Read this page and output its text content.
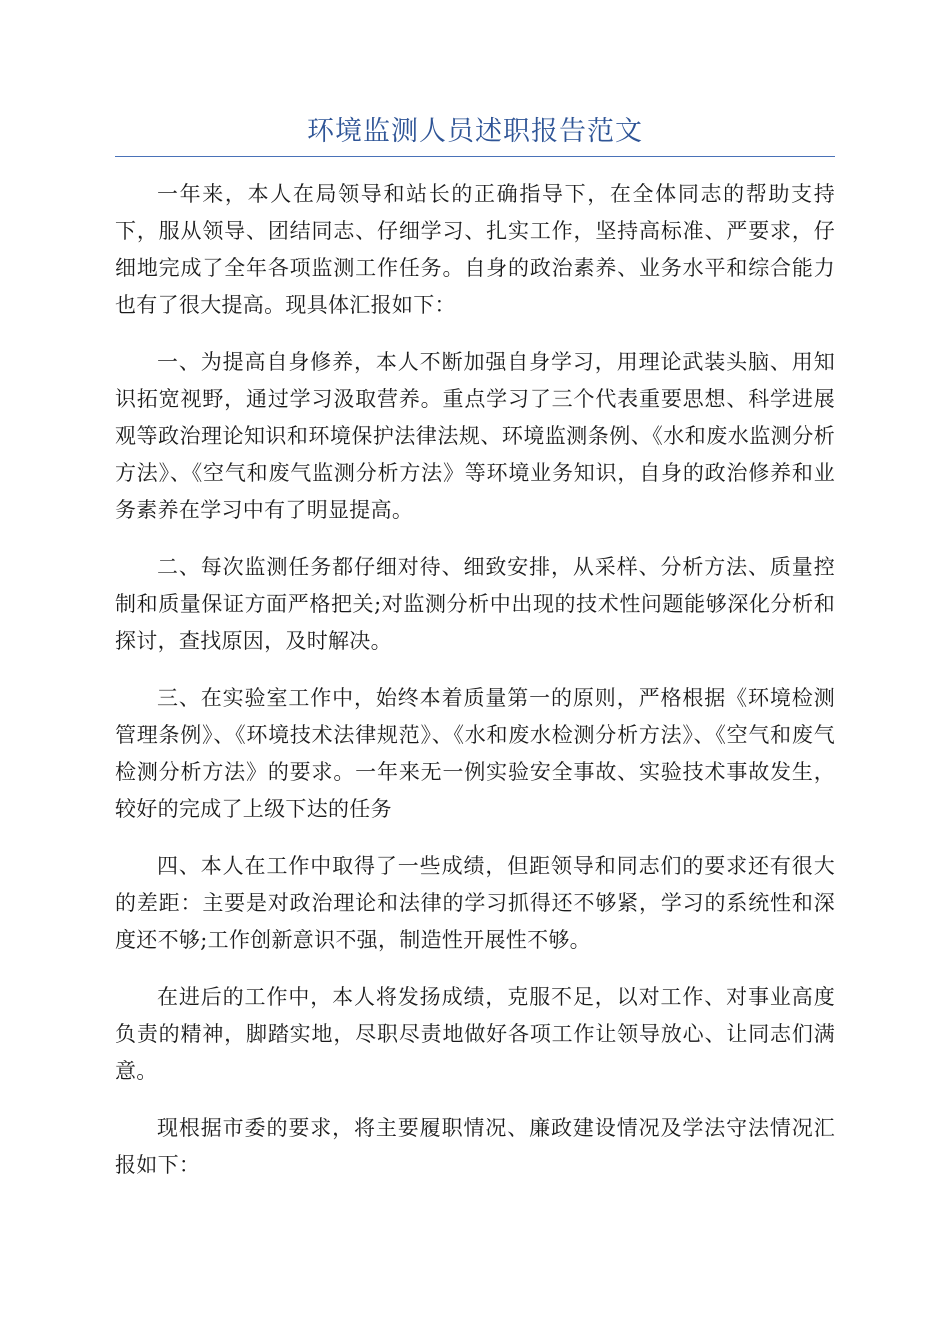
环境监测人员述职报告范文

一年来，本人在局领导和站长的正确指导下，在全体同志的帮助支持下，服从领导、团结同志、仔细学习、扎实工作，坚持高标准、严要求，仔细地完成了全年各项监测工作任务。自身的政治素养、业务水平和综合能力也有了很大提高。现具体汇报如下：

一、为提高自身修养，本人不断加强自身学习，用理论武装头脑、用知识拓宽视野，通过学习汲取营养。重点学习了三个代表重要思想、科学进展观等政治理论知识和环境保护法律法规、环境监测条例、《水和废水监测分析方法》、《空气和废气监测分析方法》等环境业务知识，自身的政治修养和业务素养在学习中有了明显提高。

二、每次监测任务都仔细对待、细致安排，从采样、分析方法、质量控制和质量保证方面严格把关;对监测分析中出现的技术性问题能够深化分析和探讨，查找原因，及时解决。

三、在实验室工作中，始终本着质量第一的原则，严格根据《环境检测管理条例》、《环境技术法律规范》、《水和废水检测分析方法》、《空气和废气检测分析方法》的要求。一年来无一例实验安全事故、实验技术事故发生，较好的完成了上级下达的任务

四、本人在工作中取得了一些成绩，但距领导和同志们的要求还有很大的差距：主要是对政治理论和法律的学习抓得还不够紧，学习的系统性和深度还不够;工作创新意识不强，制造性开展性不够。

在进后的工作中，本人将发扬成绩，克服不足，以对工作、对事业高度负责的精神，脚踏实地，尽职尽责地做好各项工作让领导放心、让同志们满意。

现根据市委的要求，将主要履职情况、廉政建设情况及学法守法情况汇报如下：
